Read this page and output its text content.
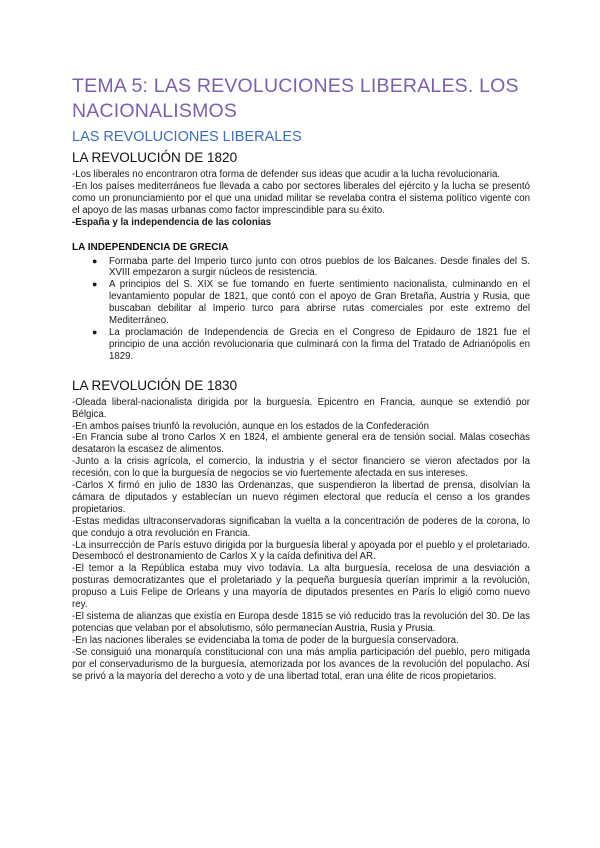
TEMA 5: LAS REVOLUCIONES LIBERALES. LOS NACIONALISMOS
LAS REVOLUCIONES LIBERALES
LA REVOLUCIÓN DE 1820

-Los liberales no encontraron otra forma de defender sus ideas que acudir a la lucha revolucionaria.

-En los países mediterráneos fue llevada a cabo por sectores liberales del ejército y la lucha se presentó como un pronunciamiento por el que una unidad militar se revelaba contra el sistema político vigente con el apoyo de las masas urbanas como factor imprescindible para su éxito.

-España y la independencia de las colonias

LA INDEPENDENCIA DE GRECIA
● Formaba parte del Imperio turco junto con otros pueblos de los Balcanes. Desde finales del S. XVIII empezaron a surgir núcleos de resistencia.
● A principios del S. XIX se fue tomando en fuerte sentimiento nacionalista, culminando en el levantamiento popular de 1821, que contó con el apoyo de Gran Bretaña, Austria y Rusia, que buscaban debilitar al Imperio turco para abrirse rutas comerciales por este extremo del Mediterráneo.
● La proclamación de Independencia de Grecia en el Congreso de Epidauro de 1821 fue el principio de una acción revolucionaria que culminará con la firma del Tratado de Adrianópolis en 1829.
LA REVOLUCIÓN DE 1830

-Oleada liberal-nacionalista dirigida por la burguesía. Epicentro en Francia, aunque se extendió por Bélgica.

-En ambos países triunfó la revolución, aunque en los estados de la Confederación

-En Francia sube al trono Carlos X en 1824, el ambiente general era de tensión social. Malas cosechas desataron la escasez de alimentos.

-Junto a la crisis agrícola, el comercio, la industria y el sector financiero se vieron afectados por la recesión, con lo que la burguesía de negocios se vio fuertemente afectada en sus intereses.

-Carlos X firmó en julio de 1830 las Ordenanzas, que suspendieron la libertad de prensa, disolvían la cámara de diputados y establecían un nuevo régimen electoral que reducía el censo a los grandes propietarios.

-Estas medidas ultraconservadoras significaban la vuelta a la concentración de poderes de la corona, lo que condujo a otra revolución en Francia.

-La insurrección de París estuvo dirigida por la burguesía liberal y apoyada por el pueblo y el proletariado. Desembocó el destronamiento de Carlos X y la caída definitiva del AR.

-El temor a la República estaba muy vivo todavía. La alta burguesía, recelosa de una desviación a posturas democratizantes que el proletariado y la pequeña burguesía querían imprimir a la revolución, propuso a Luis Felipe de Orleans y una mayoría de diputados presentes en París lo eligió como nuevo rey.

-El sistema de alianzas que existía en Europa desde 1815 se vió reducido tras la revolución del 30. De las potencias que velaban por el absolutismo, sólo permanecían Austria, Rusia y Prusia.

-En las naciones liberales se evidenciaba la toma de poder de la burguesía conservadora.

-Se consiguió una monarquía constitucional con una más amplia participación del pueblo, pero mitigada por el conservadurismo de la burguesía, atemorizada por los avances de la revolución del populacho. Así se privó a la mayoría del derecho a voto y de una libertad total, eran una élite de ricos propietarios.
